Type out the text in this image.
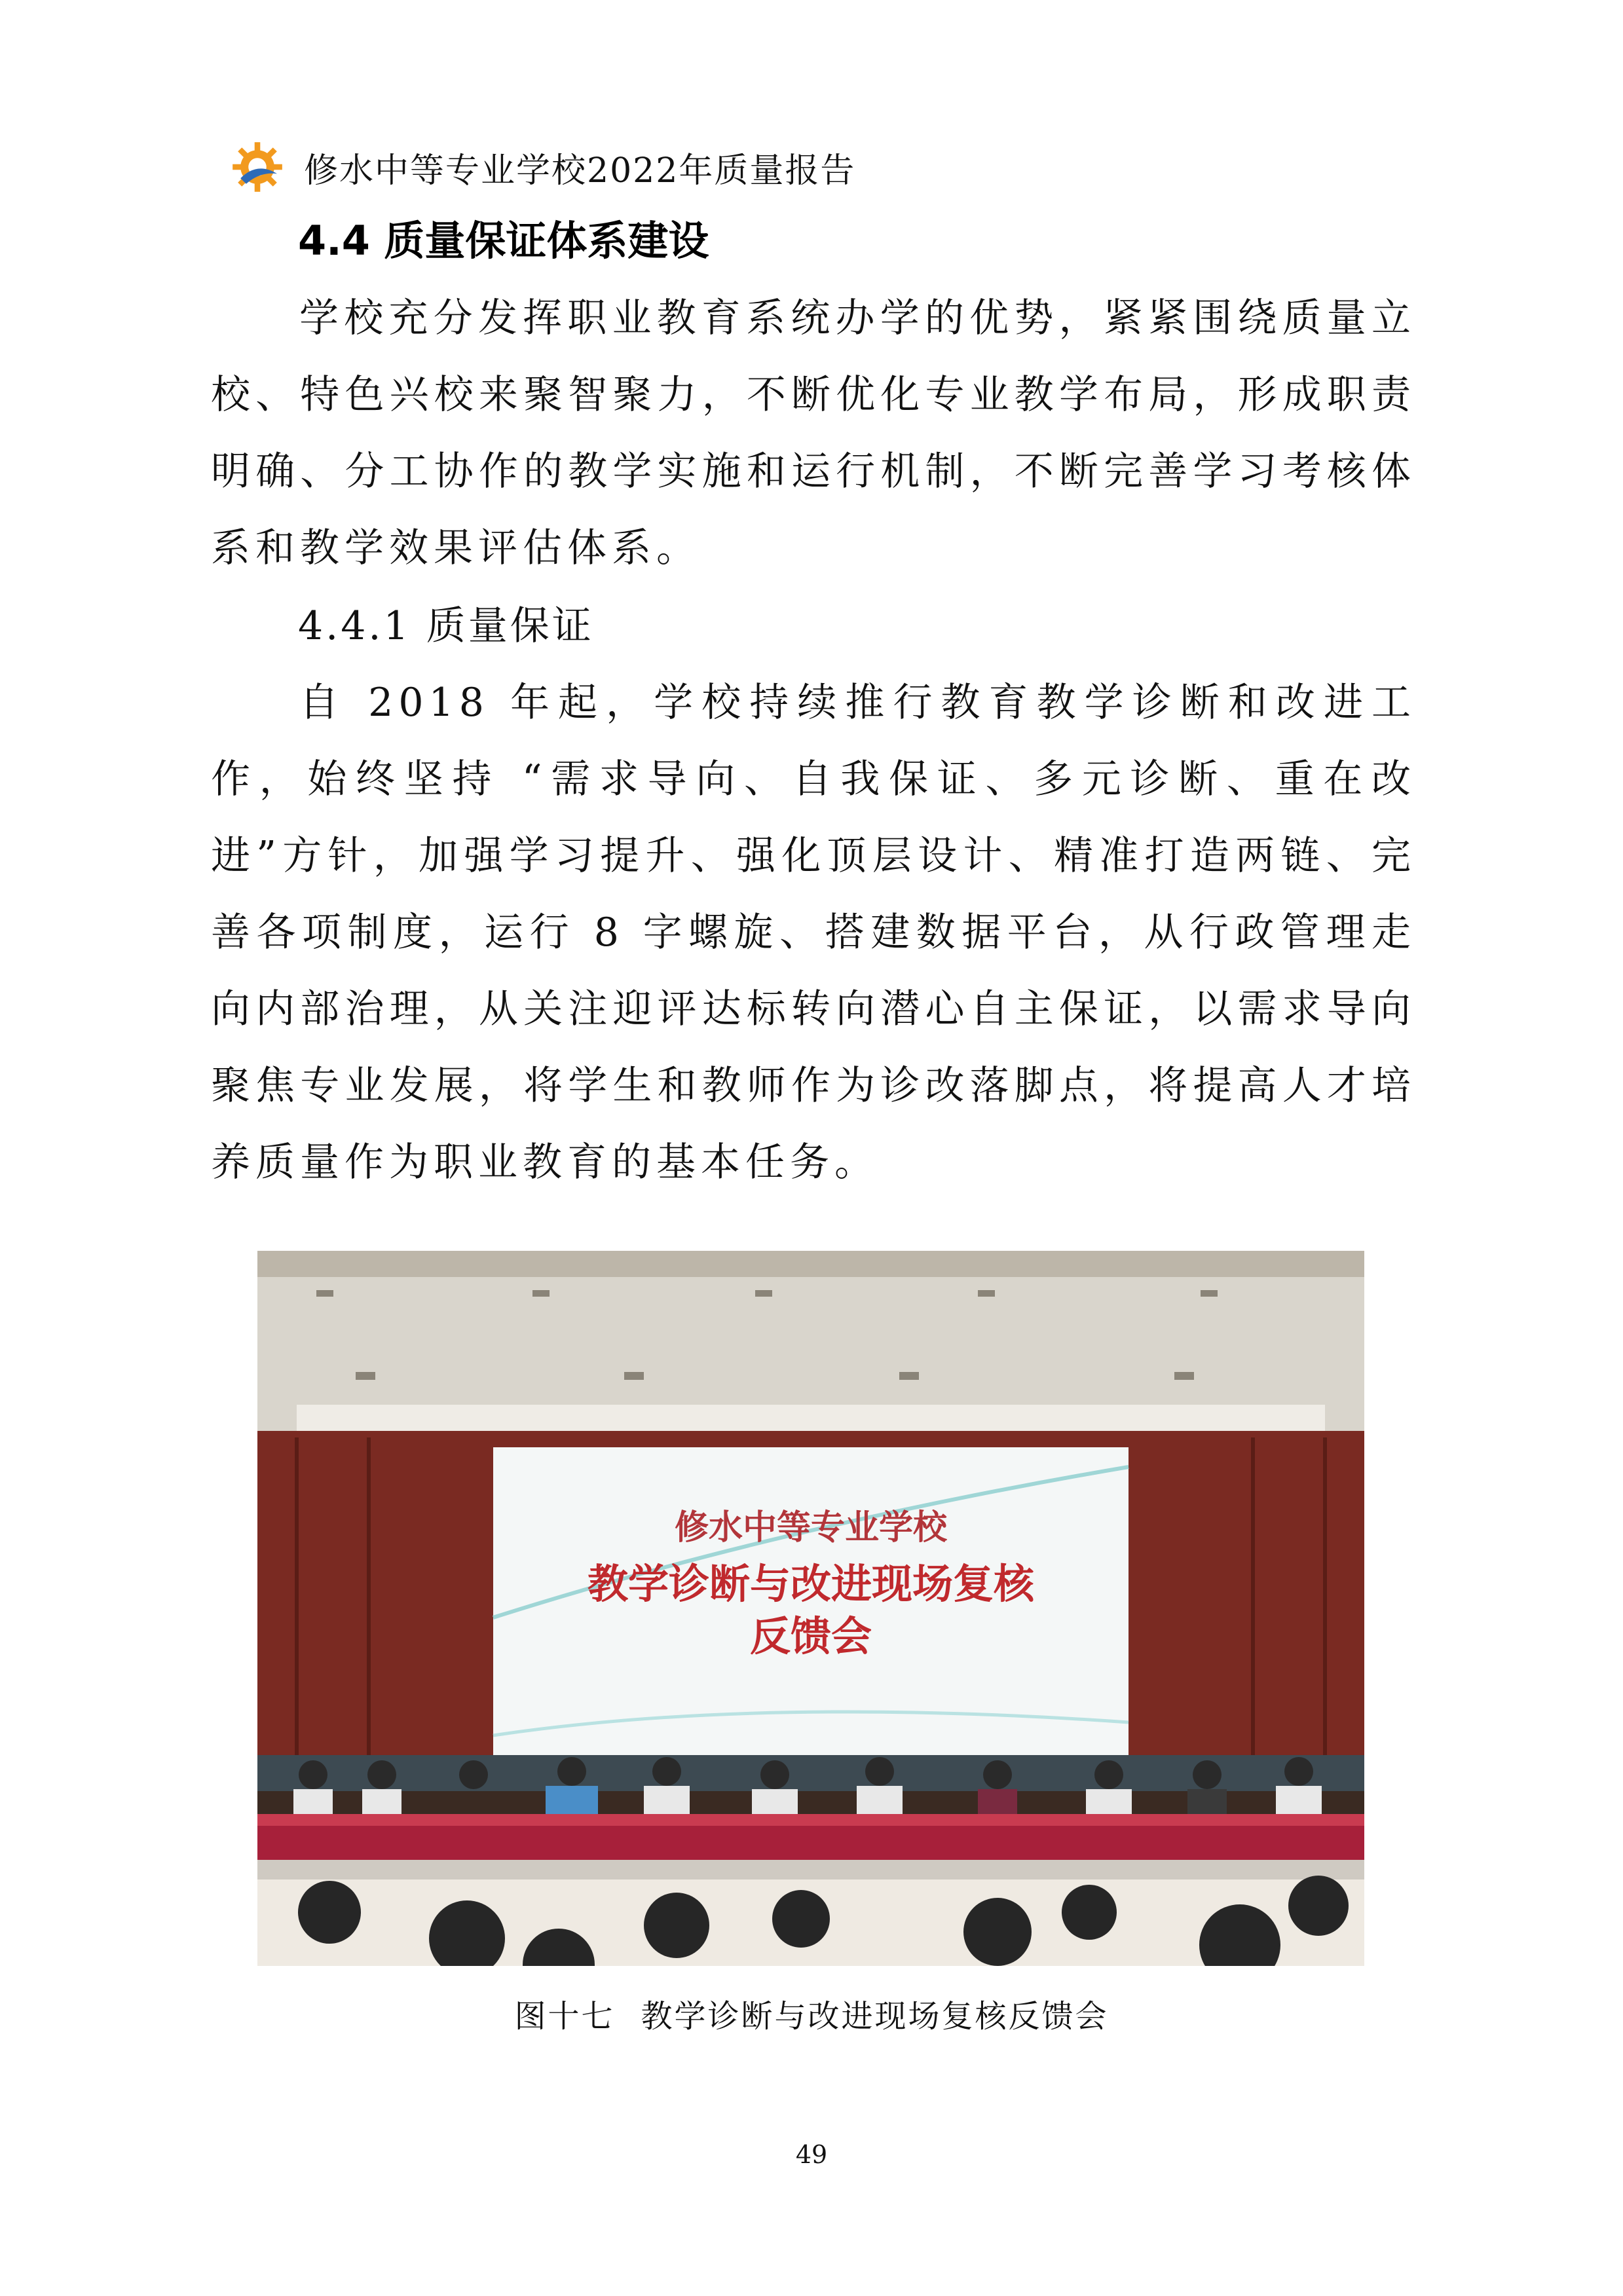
修水中等专业学校2022年质量报告
4.4 质量保证体系建设

学校充分发挥职业教育系统办学的优势，紧紧围绕质量立校、特色兴校来聚智聚力，不断优化专业教学布局，形成职责明确、分工协作的教学实施和运行机制，不断完善学习考核体系和教学效果评估体系。

4.4.1 质量保证

自 2018 年起，学校持续推行教育教学诊断和改进工作，始终坚持 “需求导向、自我保证、多元诊断、重在改进”方针，加强学习提升、强化顶层设计、精准打造两链、完善各项制度，运行 8 字螺旋、搭建数据平台，从行政管理走向内部治理，从关注迎评达标转向潜心自主保证，以需求导向聚焦专业发展，将学生和教师作为诊改落脚点，将提高人才培养质量作为职业教育的基本任务。

修水中等专业学校
教学诊断与改进现场复核
反馈会
图十七 教学诊断与改进现场复核反馈会
49
